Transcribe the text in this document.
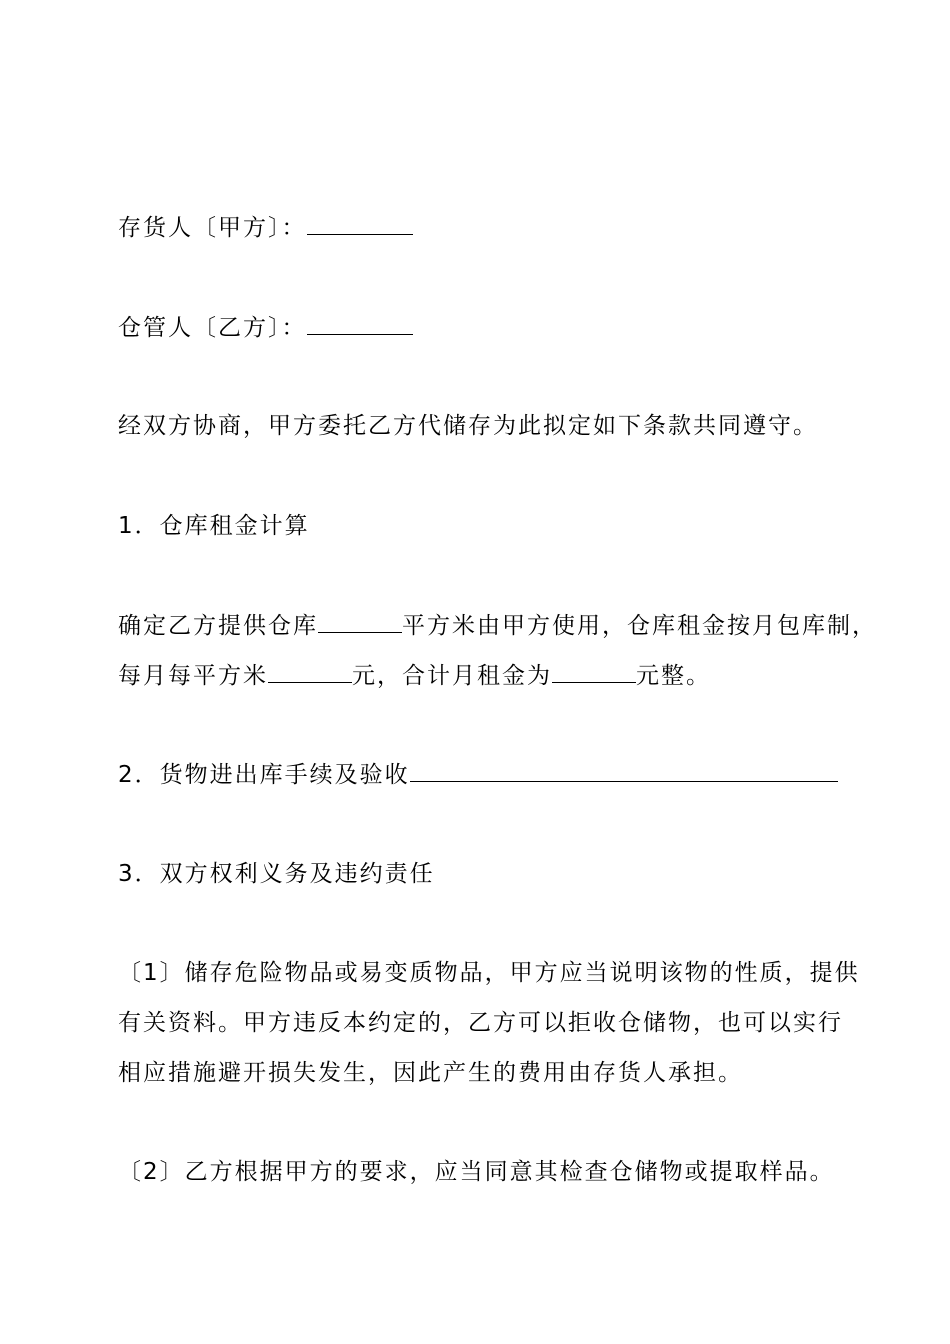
存货人〔甲方〕：
仓管人〔乙方〕：
经双方协商，甲方委托乙方代储存为此拟定如下条款共同遵守。
1．仓库租金计算
确定乙方提供仓库	平方米由甲方使用，仓库租金按月包库制，
每月每平方米	元，合计月租金为	元整。
2．货物进出库手续及验收
3．双方权利义务及违约责任
〔1〕储存危险物品或易变质物品，甲方应当说明该物的性质，提供
有关资料。甲方违反本约定的，乙方可以拒收仓储物，也可以实行
相应措施避开损失发生，因此产生的费用由存货人承担。
〔2〕乙方根据甲方的要求，应当同意其检查仓储物或提取样品。
